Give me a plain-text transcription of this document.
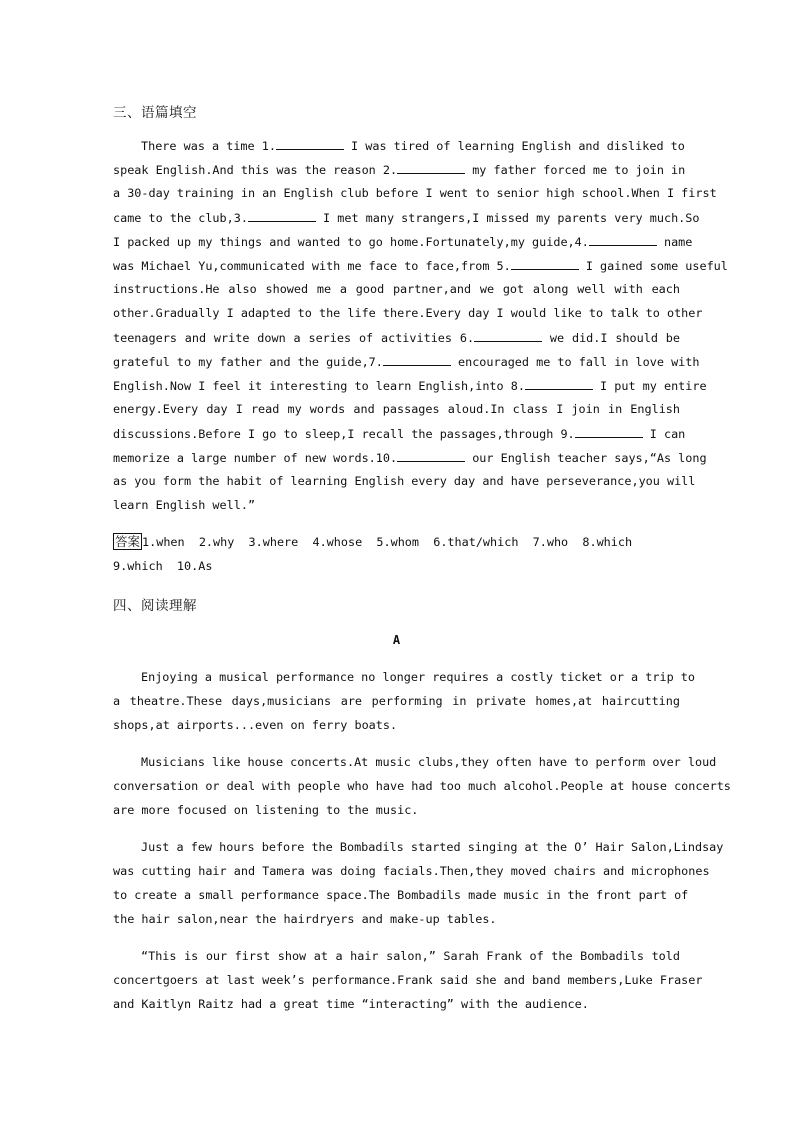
三、语篇填空
There was a time 1.	I was tired of learning English and disliked to
speak English.And this was the reason 2.	my father forced me to join in
a 30-day training in an English club before I went to senior high school.When I first
came to the club,3.	I met many strangers,I missed my parents very much.So
I packed up my things and wanted to go home.Fortunately,my guide,4.	name
was Michael Yu,communicated with me face to face,from 5.	I gained some useful
instructions.He also showed me a good partner,and we got along well with each
other.Gradually I adapted to the life there.Every day I would like to talk to other
teenagers and write down a series of activities 6.	we did.I should be
grateful to my father and the guide,7.	encouraged me to fall in love with
English.Now I feel it interesting to learn English,into 8.	I put my entire
energy.Every day I read my words and passages aloud.In class I join in English
discussions.Before I go to sleep,I recall the passages,through 9.	I can
memorize a large number of new words.10.	our English teacher says,“As long
as you form the habit of learning English every day and have perseverance,you will
learn English well.”
答案 1.when  2.why  3.where  4.whose  5.whom  6.that/which  7.who  8.which
9.which  10.As
四、阅读理解
A
Enjoying a musical performance no longer requires a costly ticket or a trip to
a theatre.These days,musicians are performing in private homes,at haircutting
shops,at airports...even on ferry boats.
Musicians like house concerts.At music clubs,they often have to perform over loud
conversation or deal with people who have had too much alcohol.People at house concerts
are more focused on listening to the music.
Just a few hours before the Bombadils started singing at the O’ Hair Salon,Lindsay
was cutting hair and Tamera was doing facials.Then,they moved chairs and microphones
to create a small performance space.The Bombadils made music in the front part of
the hair salon,near the hairdryers and make-up tables.
“This is our first show at a hair salon,” Sarah Frank of the Bombadils told
concertgoers at last week’s performance.Frank said she and band members,Luke Fraser
and Kaitlyn Raitz had a great time “interacting” with the audience.
